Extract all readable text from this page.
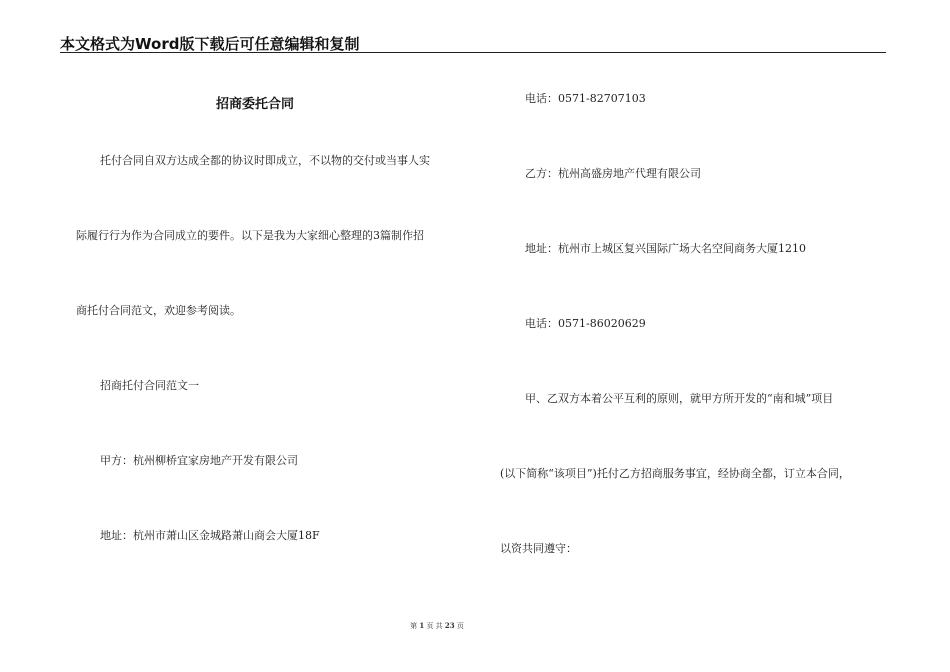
本文格式为Word版下载后可任意编辑和复制
招商委托合同
托付合同自双方达成全都的协议时即成立，不以物的交付或当事人实
际履行行为作为合同成立的要件。以下是我为大家细心整理的3篇制作招
商托付合同范文，欢迎参考阅读。
招商托付合同范文一
甲方：杭州柳桥宜家房地产开发有限公司
地址：杭州市萧山区金城路萧山商会大厦18F
电话：0571-82707103
乙方：杭州高盛房地产代理有限公司
地址：杭州市上城区复兴国际广场大名空间商务大厦1210
电话：0571-86020629
甲、乙双方本着公平互利的原则，就甲方所开发的“南和城”项目
(以下简称“该项目”)托付乙方招商服务事宜，经协商全都，订立本合同，
以资共同遵守：
第 1 页 共 23 页
